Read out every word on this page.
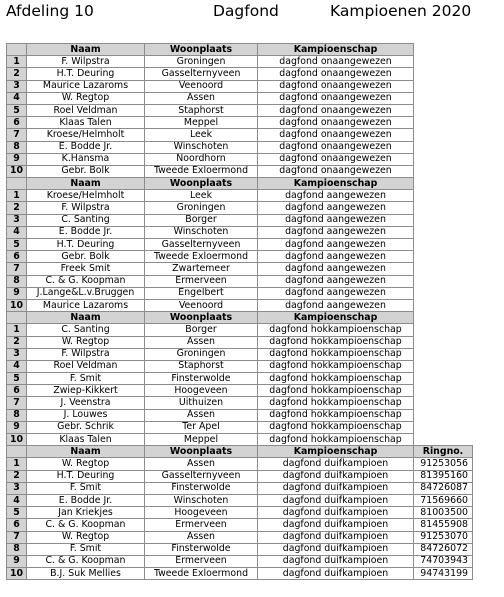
Afdeling 10	Dagfond	Kampioenen 2020
	Naam	Woonplaats	Kampioenschap	
1	F. Wilpstra	Groningen	dagfond onaangewezen	
2	H.T. Deuring	Gasselternyveen	dagfond onaangewezen	
3	Maurice Lazaroms	Veenoord	dagfond onaangewezen	
4	W. Regtop	Assen	dagfond onaangewezen	
5	Roel Veldman	Staphorst	dagfond onaangewezen	
6	Klaas Talen	Meppel	dagfond onaangewezen	
7	Kroese/Helmholt	Leek	dagfond onaangewezen	
8	E. Bodde Jr.	Winschoten	dagfond onaangewezen	
9	K.Hansma	Noordhorn	dagfond onaangewezen	
10	Gebr. Bolk	Tweede Exloermond	dagfond onaangewezen	
	Naam	Woonplaats	Kampioenschap	
1	Kroese/Helmholt	Leek	dagfond aangewezen	
2	F. Wilpstra	Groningen	dagfond aangewezen	
3	C. Santing	Borger	dagfond aangewezen	
4	E. Bodde Jr.	Winschoten	dagfond aangewezen	
5	H.T. Deuring	Gasselternyveen	dagfond aangewezen	
6	Gebr. Bolk	Tweede Exloermond	dagfond aangewezen	
7	Freek Smit	Zwartemeer	dagfond aangewezen	
8	C. & G. Koopman	Ermerveen	dagfond aangewezen	
9	J.Lange&L.v.Bruggen	Engelbert	dagfond aangewezen	
10	Maurice Lazaroms	Veenoord	dagfond aangewezen	
	Naam	Woonplaats	Kampioenschap	
1	C. Santing	Borger	dagfond hokkampioenschap	
2	W. Regtop	Assen	dagfond hokkampioenschap	
3	F. Wilpstra	Groningen	dagfond hokkampioenschap	
4	Roel Veldman	Staphorst	dagfond hokkampioenschap	
5	F. Smit	Finsterwolde	dagfond hokkampioenschap	
6	Zwiep-Kikkert	Hoogeveen	dagfond hokkampioenschap	
7	J. Veenstra	Uithuizen	dagfond hokkampioenschap	
8	J. Louwes	Assen	dagfond hokkampioenschap	
9	Gebr. Schrik	Ter Apel	dagfond hokkampioenschap	
10	Klaas Talen	Meppel	dagfond hokkampioenschap	
	Naam	Woonplaats	Kampioenschap	Ringno.
1	W. Regtop	Assen	dagfond duifkampioen	91253056
2	H.T. Deuring	Gasselternyveen	dagfond duifkampioen	81395160
3	F. Smit	Finsterwolde	dagfond duifkampioen	84726087
4	E. Bodde Jr.	Winschoten	dagfond duifkampioen	71569660
5	Jan Kriekjes	Hoogeveen	dagfond duifkampioen	81003500
6	C. & G. Koopman	Ermerveen	dagfond duifkampioen	81455908
7	W. Regtop	Assen	dagfond duifkampioen	91253070
8	F. Smit	Finsterwolde	dagfond duifkampioen	84726072
9	C. & G. Koopman	Ermerveen	dagfond duifkampioen	74703943
10	B.J. Suk Mellies	Tweede Exloermond	dagfond duifkampioen	94743199
